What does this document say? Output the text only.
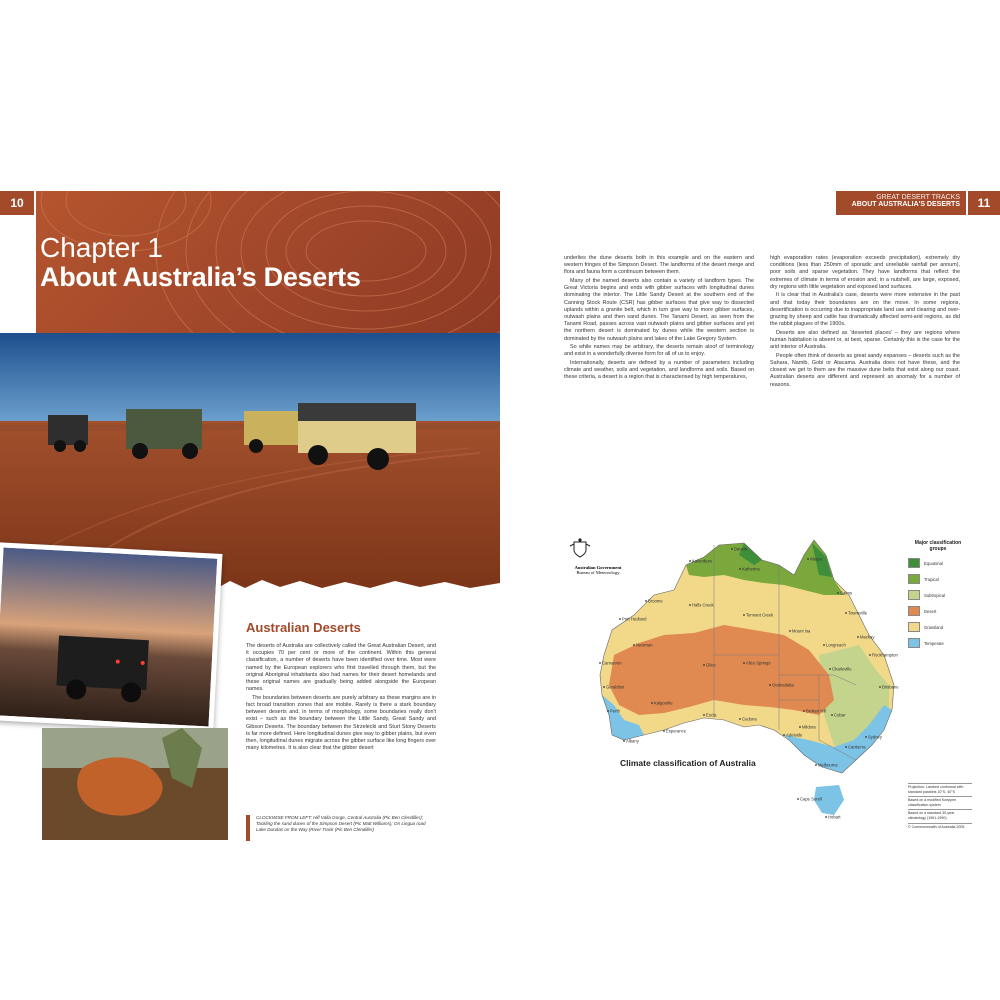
10	GREAT DESERT TRACKS
ABOUT AUSTRALIA'S DESERTS	11
Chapter 1
About Australia’s Deserts
Australian Deserts

The deserts of Australia are collectively called the Great Australian Desert, and it occupies 70 per cent or more of the continent. Within this general classification, a number of deserts have been identified over time. Most were named by the European explorers who first travelled through them, but the original Aboriginal inhabitants also had names for their desert homelands and these original names are gradually being added alongside the European names.

The boundaries between deserts are purely arbitrary as these margins are in fact broad transition zones that are mobile. Rarely is there a stark boundary between deserts and, in terms of morphology, some boundaries really don't exist – such as the boundary between the Little Sandy, Great Sandy and Gibson Deserts. The boundary between the Strzelecki and Sturt Stony Deserts is far more defined. Here longitudinal dunes give way to gibber plains, but even then, longitudinal dunes migrate across the gibber surface like long fingers over many kilometres. It is also clear that the gibber desert

CLOCKWISE FROM LEFT: Hill Valla Gorge, Central Australia (Pic Ben Clendiller); Tackling the sand dunes of the Simpson Desert (Pic Matt Williams); On Lingua road Lake Dundas on the Way (River Track (Pic Ben Clendiller)

underlies the dune deserts both in this example and on the eastern and western fringes of the Simpson Desert. The landforms of the desert merge and flora and fauna form a continuum between them.

Many of the named deserts also contain a variety of landform types. The Great Victoria begins and ends with gibber surfaces with longitudinal dunes dominating the interior. The Little Sandy Desert at the southern end of the Canning Stock Route (CSR) has gibber surfaces that give way to dissected uplands within a granite belt, which in turn give way to more gibber surfaces, outwash plains and then sand dunes. The Tanami Desert, as seen from the Tanami Road, passes across vast outwash plains and gibber surfaces and yet the northern desert is dominated by dunes while the western section is dominated by the outwash plains and lakes of the Lake Gregory System.

So while names may be arbitrary, the deserts remain aloof of terminology and exist in a wonderfully diverse form for all of us to enjoy.

Internationally, deserts are defined by a number of parameters including climate and weather, soils and vegetation, and landforms and soils. Based on these criteria, a desert is a region that is characterised by high temperatures,

high evaporation rates (evaporation exceeds precipitation), extremely dry conditions (less than 250mm of sporadic and unreliable rainfall per annum), poor soils and sparse vegetation. They have landforms that reflect the extremes of climate in terms of erosion and, in a nutshell, are large, exposed, dry regions with little vegetation and exposed land surfaces.

It is clear that in Australia's case, deserts were more extensive in the past and that today their boundaries are on the move. In some regions, desertification is occurring due to inappropriate land use and clearing and over-grazing by sheep and cattle has dramatically affected semi-arid regions, as did the rabbit plagues of the 1900s.

Deserts are also defined as 'deserted places' – they are regions where human habitation is absent or, at best, sparse. Certainly this is the case for the arid interior of Australia.

People often think of deserts as great sandy expanses – deserts such as the Sahara, Namib, Gobi or Atacama. Australia does not have these, and the closest we get to them are the massive dune belts that exist along our coast. Australian deserts are different and represent an anomaly for a number of reasons.

Australian Government
Bureau of Meteorology
Darwin
Kalumburu
Katherine
Broome
Halls Creek
Port Hedland
Carnarvon
Geraldton
Perth
Albany
Esperance
Kalgoorlie
Alice Springs
Tennant Creek
Cairns
Townsville
Mackay
Longreach
Charleville
Brisbane
Sydney
Canberra
Melbourne
Adelaide
Hobart
Oodnadatta
Broken Hill
Cobar
Mildura
Eucla
Giles
Newman
Weipa
Mount Isa
Rockhampton
Ceduna
Cape Sorell
Climate classification of Australia
Major classification groups
Equatorial
Tropical
Subtropical
Desert
Grassland
Temperate
Projection: Lambert conformal with standard parallels 10°S, 40°S
Based on a modified Koeppen classification system
Based on a standard 30-year climatology (1961-1990)
© Commonwealth of Australia 2005
